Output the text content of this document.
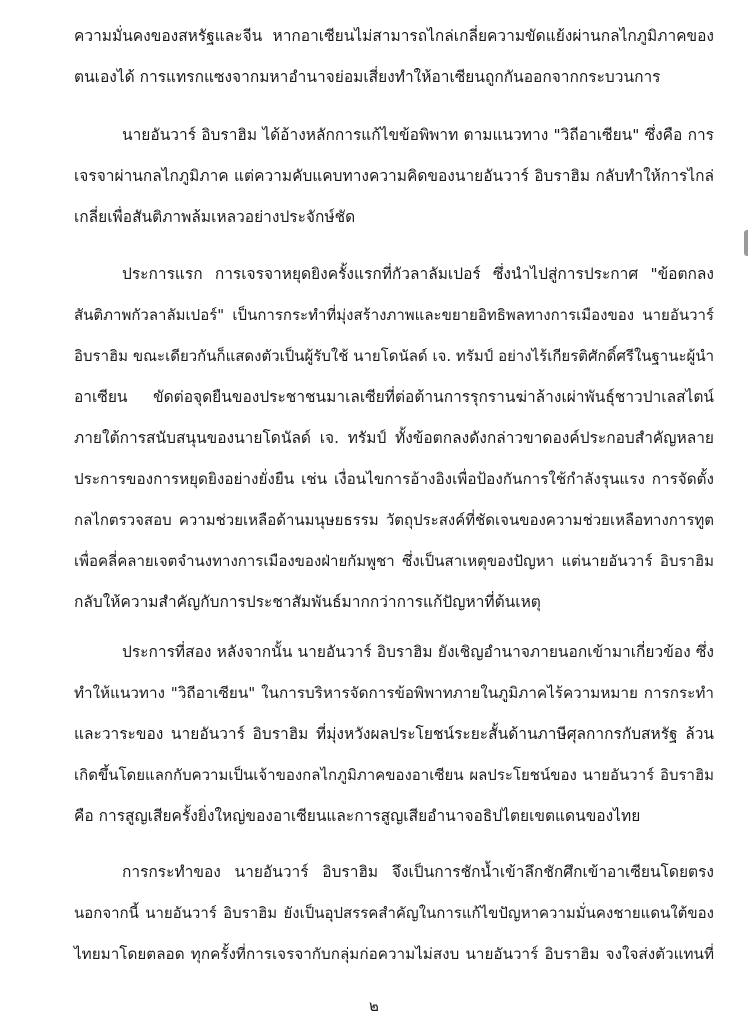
ความมั่นคงของสหรัฐและจีน หากอาเซียนไม่สามารถไกล่เกลี่ยความขัดแย้งผ่านกลไกภูมิภาคของ
ตนเองได้ การแทรกแซงจากมหาอำนาจย่อมเสี่ยงทำให้อาเซียนถูกกันออกจากกระบวนการ
นายอันวาร์ อิบราฮิม ได้อ้างหลักการแก้ไขข้อพิพาท ตามแนวทาง "วิถีอาเซียน" ซึ่งคือ การ
เจรจาผ่านกลไกภูมิภาค แต่ความคับแคบทางความคิดของนายอันวาร์ อิบราฮิม กลับทำให้การไกล่
เกลี่ยเพื่อสันติภาพล้มเหลวอย่างประจักษ์ชัด
ประการแรก การเจรจาหยุดยิงครั้งแรกที่กัวลาลัมเปอร์ ซึ่งนำไปสู่การประกาศ "ข้อตกลง
สันติภาพกัวลาลัมเปอร์" เป็นการกระทำที่มุ่งสร้างภาพและขยายอิทธิพลทางการเมืองของ นายอันวาร์
อิบราฮิม ขณะเดียวกันก็แสดงตัวเป็นผู้รับใช้ นายโดนัลด์ เจ. ทรัมป์ อย่างไร้เกียรติศักดิ์ศรีในฐานะผู้นำ
อาเซียน ขัดต่อจุดยืนของประชาชนมาเลเซียที่ต่อต้านการรุกรานฆ่าล้างเผ่าพันธุ์ชาวปาเลสไตน์
ภายใต้การสนับสนุนของนายโดนัลด์ เจ. ทรัมป์ ทั้งข้อตกลงดังกล่าวขาดองค์ประกอบสำคัญหลาย
ประการของการหยุดยิงอย่างยั่งยืน เช่น เงื่อนไขการอ้างอิงเพื่อป้องกันการใช้กำลังรุนแรง การจัดตั้ง
กลไกตรวจสอบ ความช่วยเหลือด้านมนุษยธรรม วัตถุประสงค์ที่ชัดเจนของความช่วยเหลือทางการทูต
เพื่อคลี่คลายเจตจำนงทางการเมืองของฝ่ายกัมพูชา ซึ่งเป็นสาเหตุของปัญหา แต่นายอันวาร์ อิบราฮิม
กลับให้ความสำคัญกับการประชาสัมพันธ์มากกว่าการแก้ปัญหาที่ต้นเหตุ
ประการที่สอง หลังจากนั้น นายอันวาร์ อิบราฮิม ยังเชิญอำนาจภายนอกเข้ามาเกี่ยวข้อง ซึ่ง
ทำให้แนวทาง "วิถีอาเซียน" ในการบริหารจัดการข้อพิพาทภายในภูมิภาคไร้ความหมาย การกระทำ
และวาระของ นายอันวาร์ อิบราฮิม ที่มุ่งหวังผลประโยชน์ระยะสั้นด้านภาษีศุลกากรกับสหรัฐ ล้วน
เกิดขึ้นโดยแลกกับความเป็นเจ้าของกลไกภูมิภาคของอาเซียน ผลประโยชน์ของ นายอันวาร์ อิบราฮิม
คือ การสูญเสียครั้งยิ่งใหญ่ของอาเซียนและการสูญเสียอำนาจอธิปไตยเขตแดนของไทย
การกระทำของ นายอันวาร์ อิบราฮิม จึงเป็นการชักน้ำเข้าลึกชักศึกเข้าอาเซียนโดยตรง
นอกจากนี้ นายอันวาร์ อิบราฮิม ยังเป็นอุปสรรคสำคัญในการแก้ไขปัญหาความมั่นคงชายแดนใต้ของ
ไทยมาโดยตลอด ทุกครั้งที่การเจรจากับกลุ่มก่อความไม่สงบ นายอันวาร์ อิบราฮิม จงใจส่งตัวแทนที่
๒
